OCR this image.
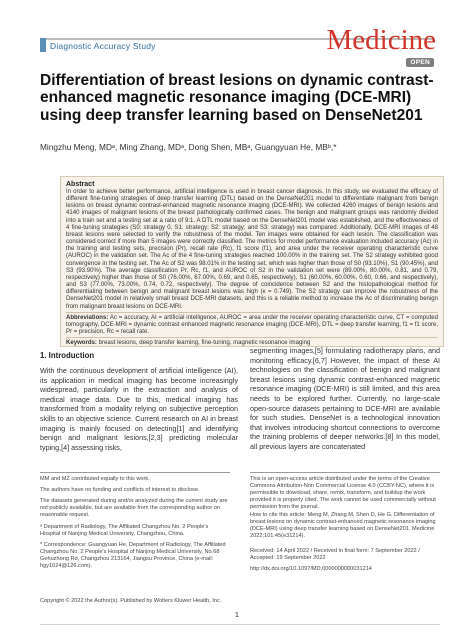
Diagnostic Accuracy Study	Medicine
OPEN
Differentiation of breast lesions on dynamic contrast-enhanced magnetic resonance imaging (DCE-MRI) using deep transfer learning based on DenseNet201
Mingzhu Meng, MDᵃ, Ming Zhang, MDᵃ, Dong Shen, MBᵃ, Guangyuan He, MBᵇ,*
Abstract
In order to achieve better performance, artificial intelligence is used in breast cancer diagnosis. In this study, we evaluated the efficacy of different fine-tuning strategies of deep transfer learning (DTL) based on the DenseNet201 model to differentiate malignant from benign lesions on breast dynamic contrast-enhanced magnetic resonance imaging (DCE-MRI). We collected 4260 images of benign lesions and 4140 images of malignant lesions of the breast pathologically confirmed cases. The benign and malignant groups was randomly divided into a train set and a testing set at a ratio of 9:1. A DTL model based on the DenseNet201 model was established, and the effectiveness of 4 fine-tuning strategies (S0: strategy 0, S1: strategy; S2: strategy; and S3: strategy) was compared. Additionally, DCE-MRI images of 48 breast lesions were selected to verify the robustness of the model. Ten images were obtained for each lesion. The classification was considered correct if more than 5 images were correctly classified. The metrics for model performance evaluation included accuracy (Ac) in the training and testing sets, precision (Pr), recall rate (Rc), f1 score (f1), and area under the receiver operating characteristic curve (AUROC) in the validation set. The Ac of the 4 fine-tuning strategies reached 100.00% in the training set. The S2 strategy exhibited good convergence in the testing set. The Ac of S2 was 98.01% in the testing set, which was higher than those of S0 (93.10%), S1 (90.45%), and S3 (93.90%). The average classification Pr, Rc, f1, and AUROC of S2 in the validation set were (89.00%, 80.00%, 0.81, and 0.79, respectively) higher than those of S0 (76.00%, 67.00%, 0.69, and 0.65, respectively), S1 (60.00%, 60.00%, 0.60, 0.66, and respectively), and S3 (77.00%, 73.00%, 0.74, 0.72, respectively). The degree of coincidence between S2 and the histopathological method for differentiating between benign and malignant breast lesions was high (κ = 0.749). The S2 strategy can improve the robustness of the DenseNet201 model in relatively small breast DCE-MRI datasets, and this is a reliable method to increase the Ac of discriminating benign from malignant breast lesions on DCE-MRI.
Abbreviations: Ac = accuracy, AI = artificial intelligence, AUROC = area under the receiver operating characteristic curve, CT = computed tomography, DCE-MRI = dynamic contrast enhanced magnetic resonance imaging (DCE-MRI), DTL = deep transfer learning, f1 = f1 score, Pr = precision, Rc = recall rate.
Keywords: breast lesions, deep transfer learning, fine-tuning, magnetic resonance imaging
1. Introduction
With the continuous development of artificial intelligence (AI), its application in medical imaging has become increasingly widespread, particularly in the extraction and analysis of medical image data. Due to this, medical imaging has transformed from a modality relying on subjective perception skills to an objective science. Current research on AI in breast imaging is mainly focused on detecting[1] and identifying benign and malignant lesions,[2,3] predicting molecular typing,[4] assessing risks,
segmenting images,[5] formulating radiotherapy plans, and monitoring efficacy.[6,7] However, the impact of these AI technologies on the classification of benign and malignant breast lesions using dynamic contrast-enhanced magnetic resonance imaging (DCE-MRI) is still limited, and this area needs to be explored further. Currently, no large-scale open-source datasets pertaining to DCE-MRI are available for such studies. DenseNet is a technological innovation that involves introducing shortcut connections to overcome the training problems of deeper networks.[8] In this model, all previous layers are concatenated
MM and MZ contributed equally to this work.
The authors have no funding and conflicts of interest to disclose.
The datasets generated during and/or analyzed during the current study are not publicly available, but are available from the corresponding author on reasonable request.
ᵃ Department of Radiology, The Affiliated Changzhou No. 2 People's Hospital of Nanjing Medical University, Changzhou, China.
* Correspondence: Guangyuan He, Department of Radiology, The Affiliated Changzhou No. 2 People's Hospital of Nanjing Medical University, No.68 Gehuzhong Rd, Changzhou 213164, Jiangsu Province, China (e-mail: hgy1024@126.com).
This is an open-access article distributed under the terms of the Creative Commons Attribution-Non Commercial License 4.0 (CCBY-NC), where it is permissible to download, share, remix, transform, and buildup the work provided it is properly cited. The work cannot be used commercially without permission from the journal.
How to cite this article: Meng M, Zhang M, Shen D, He G. Differentiation of breast lesions on dynamic contrast-enhanced magnetic resonance imaging (DCE-MRI) using deep transfer learning based on DenseNet201. Medicine 2022;101:45(e31214).
Received: 14 April 2022 / Received in final form: 7 September 2022 / Accepted: 19 September 2022
http://dx.doi.org/10.1097/MD.0000000000031214
Copyright © 2022 the Author(s). Published by Wolters Kluwer Health, Inc.
1
